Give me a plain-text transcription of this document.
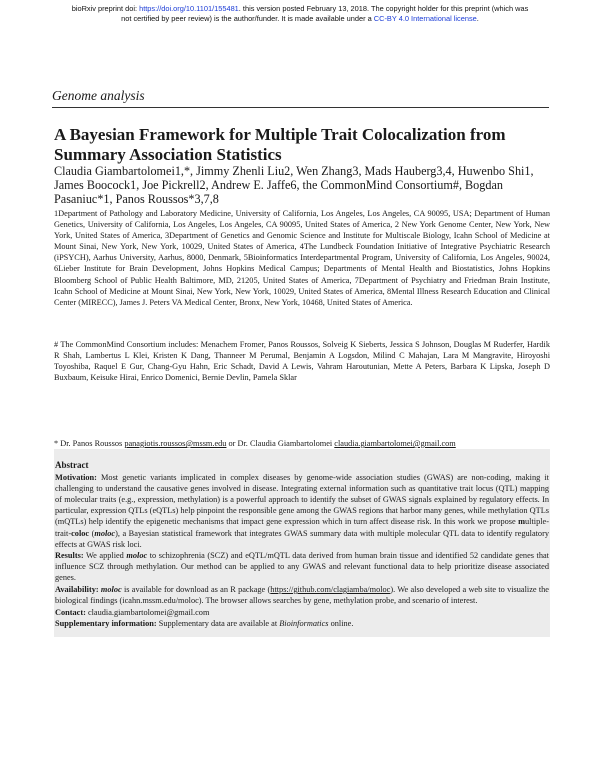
bioRxiv preprint doi: https://doi.org/10.1101/155481. this version posted February 13, 2018. The copyright holder for this preprint (which was
not certified by peer review) is the author/funder. It is made available under a CC-BY 4.0 International license.
Genome analysis
A Bayesian Framework for Multiple Trait Colocalization from Summary Association Statistics
Claudia Giambartolomei1,*, Jimmy Zhenli Liu2, Wen Zhang3, Mads Hauberg3,4, Huwenbo Shi1, James Boocock1, Joe Pickrell2, Andrew E. Jaffe6, the CommonMind Consortium#, Bogdan Pasaniuc*1, Panos Roussos*3,7,8
1Department of Pathology and Laboratory Medicine, University of California, Los Angeles, Los Angeles, CA 90095, USA; Department of Human Genetics, University of California, Los Angeles, Los Angeles, CA 90095, United States of America, 2 New York Genome Center, New York, New York, United States of America, 3Department of Genetics and Genomic Science and Institute for Multiscale Biology, Icahn School of Medicine at Mount Sinai, New York, New York, 10029, United States of America, 4The Lundbeck Foundation Initiative of Integrative Psychiatric Research (iPSYCH), Aarhus University, Aarhus, 8000, Denmark, 5Bioinformatics Interdepartmental Program, University of California, Los Angeles, 90024, 6Lieber Institute for Brain Development, Johns Hopkins Medical Campus; Departments of Mental Health and Biostatistics, Johns Hopkins Bloomberg School of Public Health Baltimore, MD, 21205, United States of America, 7Department of Psychiatry and Friedman Brain Institute, Icahn School of Medicine at Mount Sinai, New York, New York, 10029, United States of America, 8Mental Illness Research Education and Clinical Center (MIRECC), James J. Peters VA Medical Center, Bronx, New York, 10468, United States of America.
# The CommonMind Consortium includes: Menachem Fromer, Panos Roussos, Solveig K Sieberts, Jessica S Johnson, Douglas M Ruderfer, Hardik R Shah, Lambertus L Klei, Kristen K Dang, Thanneer M Perumal, Benjamin A Logsdon, Milind C Mahajan, Lara M Mangravite, Hiroyoshi Toyoshiba, Raquel E Gur, Chang-Gyu Hahn, Eric Schadt, David A Lewis, Vahram Haroutunian, Mette A Peters, Barbara K Lipska, Joseph D Buxbaum, Keisuke Hirai, Enrico Domenici, Bernie Devlin, Pamela Sklar
* Dr. Panos Roussos panagiotis.roussos@mssm.edu or Dr. Claudia Giambartolomei claudia.giambartolomei@gmail.com
Abstract

Motivation: Most genetic variants implicated in complex diseases by genome-wide association studies (GWAS) are non-coding, making it challenging to understand the causative genes involved in disease. Integrating external information such as quantitative trait locus (QTL) mapping of molecular traits (e.g., expression, methylation) is a powerful approach to identify the subset of GWAS signals explained by regulatory effects. In particular, expression QTLs (eQTLs) help pinpoint the responsible gene among the GWAS regions that harbor many genes, while methylation QTLs (mQTLs) help identify the epigenetic mechanisms that impact gene expression which in turn affect disease risk. In this work we propose multiple-trait-coloc (moloc), a Bayesian statistical framework that integrates GWAS summary data with multiple molecular QTL data to identify regulatory effects at GWAS risk loci.

Results: We applied moloc to schizophrenia (SCZ) and eQTL/mQTL data derived from human brain tissue and identified 52 candidate genes that influence SCZ through methylation. Our method can be applied to any GWAS and relevant functional data to help prioritize disease associated genes.

Availability: moloc is available for download as an R package (https://github.com/clagiamba/moloc). We also developed a web site to visualize the biological findings (icahn.mssm.edu/moloc). The browser allows searches by gene, methylation probe, and scenario of interest.

Contact: claudia.giambartolomei@gmail.com

Supplementary information: Supplementary data are available at Bioinformatics online.
